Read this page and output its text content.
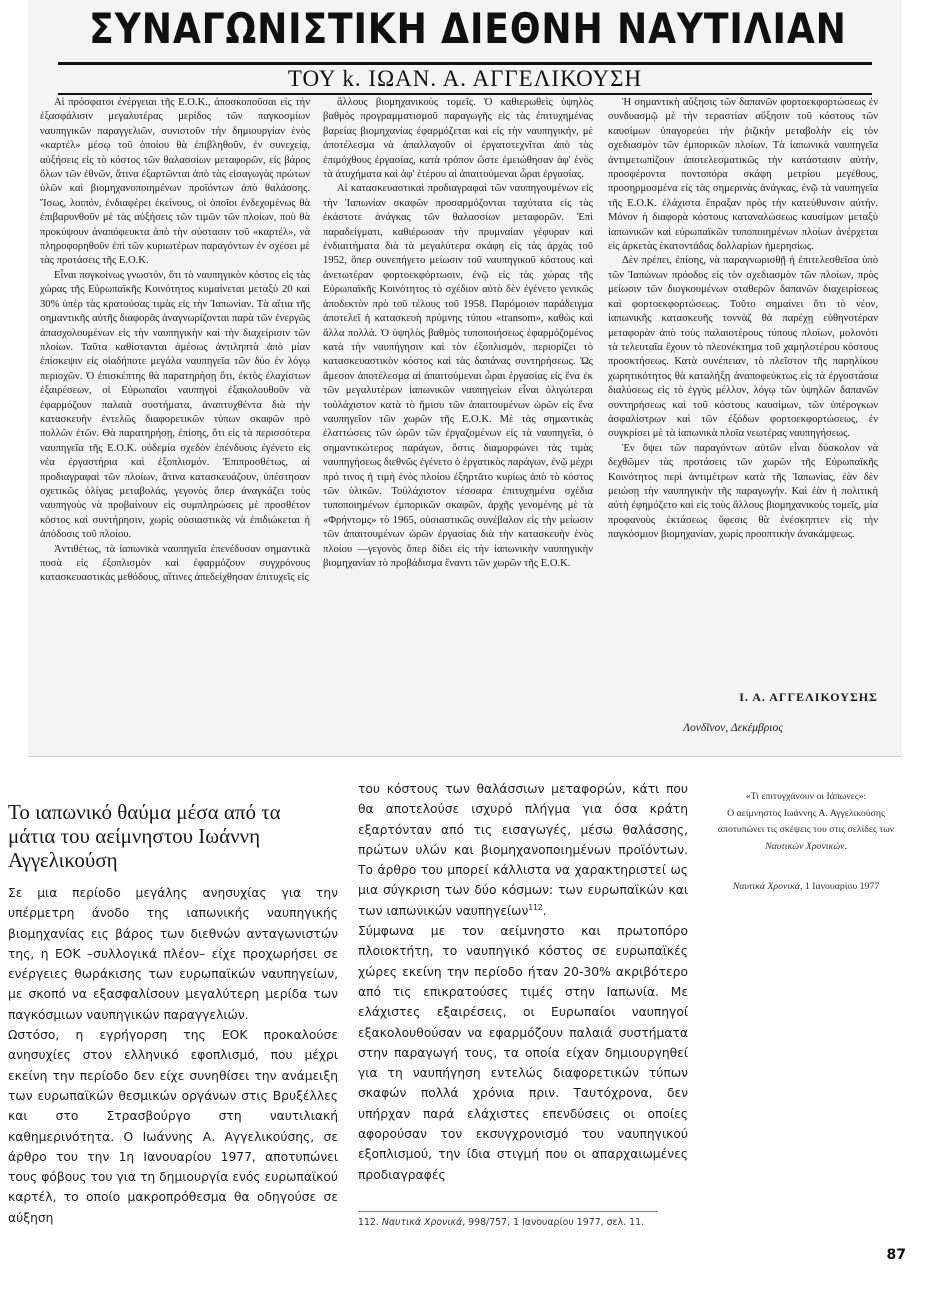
ΣΥΝΑΓΩΝΙΣΤΙΚΗ ΔΙΕΘΝΗ ΝΑΥΤΙΛΙΑΝ
ΤΟΥ k. ΙΩΑΝ. Α. ΑΓΓΕΛΙΚΟΥΣΗ

Αἱ πρόσφατοι ἐνέργειαι τῆς Ε.Ο.Κ., ἀποσκοποῦσαι εἰς τὴν ἐξασφάλισιν μεγαλυτέρας μερίδος τῶν παγκοσμίων ναυπηγικῶν παραγγελιῶν, συνιστοῦν τὴν δημιουργίαν ἑνὸς «καρτέλ» μέσῳ τοῦ ὁποίου θὰ ἐπιβληθοῦν, ἐν συνεχείᾳ, αὐξήσεις εἰς τὸ κόστος τῶν θαλασσίων μεταφορῶν, εἰς βάρος ὅλων τῶν ἐθνῶν, ἅτινα ἐξαρτῶνται ἀπὸ τὰς εἰσαγωγὰς πρώτων ὑλῶν καὶ βιομηχανοποιημένων προϊόντων ἀπὸ θαλάσσης. Ἴσως, λοιπόν, ἐνδιαφέρει ἐκείνους, οἱ ὁποῖοι ἐνδεχομένως θὰ ἐπιβαρυνθοῦν μὲ τὰς αὐξήσεις τῶν τιμῶν τῶν πλοίων, ποὺ θὰ προκύψουν ἀναπόφευκτα ἀπὸ τὴν σύστασιν τοῦ «καρτέλ», νὰ πληροφορηθοῦν ἐπὶ τῶν κυριωτέρων παραγόντων ἐν σχέσει μὲ τὰς προτάσεις τῆς Ε.Ο.Κ.

Εἶναι πογκοίνως γνωστόν, ὅτι τὸ ναυπηγικὸν κόστος εἰς τὰς χώρας τῆς Εὐρωπαϊκῆς Κοινότητος κυμαίνεται μεταξὺ 20 καὶ 30% ὑπὲρ τὰς κρατούσας τιμὰς εἰς τὴν Ἰαπωνίαν. Τὰ αἴτια τῆς σημαντικῆς αὐτῆς διαφορᾶς ἀναγνωρίζονται παρὰ τῶν ἐνεργῶς ἀπασχολουμένων εἰς τὴν ναυπηγικὴν καὶ τὴν διαχείρισιν τῶν πλοίων. Ταῦτα καθίστανται ἀμέσως ἀντιληπτὰ ἀπὸ μίαν ἐπίσκεψιν εἰς οἱαδήποτε μεγάλα ναυπηγεῖα τῶν δύο ἐν λόγῳ περιοχῶν. Ὁ ἐπισκέπτης θὰ παρατηρήσῃ ὅτι, ἐκτὸς ἐλαχίστων ἐξαιρέσεων, οἱ Εὐρωπαῖοι ναυπηγοὶ ἐξακολουθοῦν νὰ ἐφαρμόζουν παλαιὰ συστήματα, ἀναπτυχθέντα διὰ τὴν κατασκευὴν ἐντελῶς διαφορετικῶν τύπων σκαφῶν πρὸ πολλῶν ἐτῶν. Θὰ παρατηρήσῃ, ἐπίσης, ὅτι εἰς τὰ περισσότερα ναυπηγεῖα τῆς Ε.Ο.Κ. οὐδεμία σχεδὸν ἐπένδυσις ἐγένετο εἰς νέα ἐργαστήρια καὶ ἐξοπλισμόν. Ἐπιπροσθέτως, αἱ προδιαγραφαὶ τῶν πλοίων, ἅτινα κατασκευάζουν, ὑπέστησαν σχετικῶς ὀλίγας μεταβολάς, γεγονὸς ὅπερ ἀναγκάζει τοὺς ναυπηγοὺς νὰ προβαίνουν εἰς συμπληρώσεις μὲ προσθέτον κόστος καὶ συντήρησιν, χωρὶς οὐσιαστικὰς νὰ ἐπιδιώκεται ἡ ἀπόδοσις τοῦ πλοίου.

Ἀντιθέτως, τὰ ἰαπωνικὰ ναυπηγεῖα ἐπενέδυσαν σημαντικὰ ποσὰ εἰς ἐξοπλισμὸν καὶ ἐφαρμόζουν συγχρόνους κατασκευαστικὰς μεθόδους, αἵτινες ἀπεδείχθησαν ἐπιτυχεῖς εἰς

ἄλλους βιομηχανικοὺς τομεῖς. Ὁ καθιερωθεὶς ὑψηλὸς βαθμὸς προγραμματισμοῦ παραγωγῆς εἰς τὰς ἐπιτυχημένας βαρείας βιομηχανίας ἐφαρμόζεται καὶ εἰς τὴν ναυπηγικήν, μὲ ἀποτέλεσμα νὰ ἀπαλλαγοῦν οἱ ἐργατοτεχνῖται ἀπὸ τὰς ἐπιμόχθους ἐργασίας, κατὰ τρόπον ὥστε ἐμειώθησαν ἀφ' ἑνὸς τὰ ἀτυχήματα καὶ ἀφ' ἑτέρου αἱ ἀπαιτούμεναι ὧραι ἐργασίας.

Αἱ κατασκευαστικαὶ προδιαγραφαὶ τῶν ναυπηγουμένων εἰς τὴν Ἰαπωνίαν σκαφῶν προσαρμόζονται ταχύτατα εἰς τὰς ἑκάστοτε ἀνάγκας τῶν θαλασσίων μεταφορῶν. Ἐπὶ παραδείγματι, καθιέρωσαν τὴν πρυμναίαν γέφυραν καὶ ἐνδιαιτήματα διὰ τὰ μεγαλύτερα σκάφη εἰς τὰς ἀρχὰς τοῦ 1952, ὅπερ συνεπήγετο μείωσιν τοῦ ναυπηγικοῦ κόστους καὶ ἀνετωτέραν φορτοεκφόρτωσιν, ἐνῷ εἰς τὰς χώρας τῆς Εὐρωπαϊκῆς Κοινότητος τὸ σχέδιον αὐτὸ δὲν ἐγένετο γενικῶς ἀποδεκτὸν πρὸ τοῦ τέλους τοῦ 1958. Παρόμοιον παράδειγμα ἀποτελεῖ ἡ κατασκευὴ πρύμνης τύπου «transom», καθὼς καὶ ἄλλα πολλά. Ὁ ὑψηλὸς βαθμὸς τυποποιήσεως ἐφαρμόζομένος κατὰ τὴν ναυπήγησιν καὶ τὸν ἐξοπλισμόν, περιορίζει τὸ κατασκευαστικὸν κόστος καὶ τὰς δαπάνας συντηρήσεως. Ὡς ἄμεσον ἀποτέλεσμα αἱ ἀπαιτούμεναι ὧραι ἐργασίας εἰς ἕνα ἐκ τῶν μεγαλυτέρων ἰαπωνικῶν ναυπηγείων εἶναι ὀλιγώτεραι τοὐλάχιστον κατὰ τὸ ἥμισυ τῶν ἀπαιτουμένων ὡρῶν εἰς ἕνα ναυπηγεῖον τῶν χωρῶν τῆς Ε.Ο.Κ. Μὲ τὰς σημαντικὰς ἐλαττώσεις τῶν ὡρῶν τῶν ἐργαζομένων εἰς τὰ ναυπηγεῖα, ὁ σημαντικώτερος παράγων, ὅστις διαμορφώνει τὰς τιμὰς ναυπηγήσεως διεθνῶς ἐγένετο ὁ ἐργατικὸς παράγων, ἐνῷ μέχρι πρό τινος ἡ τιμὴ ἑνὸς πλοίου ἐξηρτᾶτο κυρίως ἀπὸ τὸ κόστος τῶν ὑλικῶν. Τοὐλάχιστον τέσσαρα ἐπιτυχημένα σχέδια τυποποιημένων ἐμπορικῶν σκαφῶν, ἀρχῆς γενομένης μὲ τὰ «Φρήντομς» τὸ 1965, οὐσιαστικῶς συνέβαλον εἰς τὴν μείωσιν τῶν ἀπαιτουμένων ὡρῶν ἐργασίας διὰ τὴν κατασκευὴν ἑνὸς πλοίου —γεγονὸς ὅπερ δίδει εἰς τὴν ἰαπωνικὴν ναυπηγικὴν βιομηχανίαν τὸ προβάδισμα ἔναντι τῶν χωρῶν τῆς Ε.Ο.Κ.

Ἡ σημαντικὴ αὔξησις τῶν δαπανῶν φορτοεκφορτώσεως ἐν συνδυασμῷ μὲ τὴν τεραστίαν αὔξησιν τοῦ κόστους τῶν καυσίμων ὑπαγορεύει τὴν ῥιζικὴν μεταβολὴν εἰς τὸν σχεδιασμὸν τῶν ἐμπορικῶν πλοίων. Τὰ ἰαπωνικὰ ναυπηγεῖα ἀντιμετωπίζουν ἀποτελεσματικῶς τὴν κατάστασιν αὐτήν, προσφέροντα ποντοπόρα σκάφη μετρίου μεγέθους, προσηρμοσμένα εἰς τὰς σημερινὰς ἀνάγκας, ἐνῷ τὰ ναυπηγεῖα τῆς Ε.Ο.Κ. ἐλάχιστα ἔπραξαν πρὸς τὴν κατεύθυνσιν αὐτήν. Μόνον ἡ διαφορὰ κόστους καταναλώσεως καυσίμων μεταξὺ ἰαπωνικῶν καὶ εὐρωπαϊκῶν τυποποιημένων πλοίων ἀνέρχεται εἰς ἀρκετὰς ἑκατοντάδας δολλαρίων ἡμερησίως.

Δὲν πρέπει, ἐπίσης, νὰ παραγνωρισθῇ ἡ ἐπιτελεσθεῖσα ὑπὸ τῶν Ἰαπώνων πρόοδος εἰς τὸν σχεδιασμὸν τῶν πλοίων, πρὸς μείωσιν τῶν διογκουμένων σταθερῶν δαπανῶν διαχειρίσεως καὶ φορτοεκφορτώσεως. Τοῦτο σημαίνει ὅτι τὸ νέον, ἰαπωνικῆς κατασκευῆς τοννὰζ θὰ παρέχῃ εὐθηνοτέραν μεταφορὰν ἀπὸ τοὺς παλαιοτέρους τύπους πλοίων, μολονότι τὰ τελευταῖα ἔχουν τὸ πλεονέκτημα τοῦ χαμηλοτέρου κόστους προσκτήσεως. Κατὰ συνέπειαν, τὸ πλεῖστον τῆς παρηλίκου χωρητικότητος θὰ καταλήξῃ ἀναποφεύκτως εἰς τὰ ἐργοστάσια διαλύσεως εἰς τὸ ἐγγὺς μέλλον, λόγῳ τῶν ὑψηλῶν δαπανῶν συντηρήσεως καὶ τοῦ κόστους καυσίμων, τῶν ὑπέρογκων ἀσφαλίστρων καὶ τῶν ἐξόδων φορτοεκφορτώσεως, ἐν συγκρίσει μὲ τὰ ἰαπωνικὰ πλοῖα νεωτέρας ναυπηγήσεως.

Ἐν ὄψει τῶν παραγόντων αὐτῶν εἶναι δύσκολον νὰ δεχθῶμεν τὰς προτάσεις τῶν χωρῶν τῆς Εὐρωπαϊκῆς Κοινότητος περὶ ἀντιμέτρων κατὰ τῆς Ἰαπωνίας, ἐὰν δὲν μειώσῃ τὴν ναυπηγικὴν τῆς παραγωγήν. Καὶ ἐὰν ἡ πολιτικὴ αὐτὴ ἐφημόζετο καὶ εἰς τοὺς ἄλλους βιομηχανικοὺς τομεῖς, μία προφανοὺς ἐκτάσεως ὕφεσις θὰ ἐνέσκηπτεν εἰς τὴν παγκόσμιον βιομηχανίαν, χωρὶς προοπτικὴν ἀνακάμψεως.

Ι. Α. ΑΓΓΕΛΙΚΟΥΣΗΣ
Λονδῖνον, Δεκέμβριος
Το ιαπωνικό θαύμα μέσα από τα μάτια του αείμνηστου Ιωάννη Αγγελικούση

Σε μια περίοδο μεγάλης ανησυχίας για την υπέρμετρη άνοδο της ιαπωνικής ναυπηγικής βιομηχανίας εις βάρος των διεθνών ανταγωνιστών της, η ΕΟΚ –συλλογικά πλέον– είχε προχωρήσει σε ενέργειες θωράκισης των ευρωπαϊκών ναυπηγείων, με σκοπό να εξασφαλίσουν μεγαλύτερη μερίδα των παγκόσμιων ναυπηγικών παραγγελιών.

Ωστόσο, η εγρήγορση της ΕΟΚ προκαλούσε ανησυχίες στον ελληνικό εφοπλισμό, που μέχρι εκείνη την περίοδο δεν είχε συνηθίσει την ανάμειξη των ευρωπαϊκών θεσμικών οργάνων στις Βρυξέλλες και στο Στρασβούργο στη ναυτιλιακή καθημερινότητα. Ο Ιωάννης Α. Αγγελικούσης, σε άρθρο του την 1η Ιανουαρίου 1977, αποτυπώνει τους φόβους του για τη δημιουργία ενός ευρωπαϊκού καρτέλ, το οποίο μακροπρόθεσμα θα οδηγούσε σε αύξηση

του κόστους των θαλάσσιων μεταφορών, κάτι που θα αποτελούσε ισχυρό πλήγμα για όσα κράτη εξαρτόνταν από τις εισαγωγές, μέσω θαλάσσης, πρώτων υλών και βιομηχανοποιημένων προϊόντων. Το άρθρο του μπορεί κάλλιστα να χαρακτηριστεί ως μια σύγκριση των δύο κόσμων: των ευρωπαϊκών και των ιαπωνικών ναυπηγείων$^{112}$.

Σύμφωνα με τον αείμνηστο και πρωτοπόρο πλοιοκτήτη, το ναυπηγικό κόστος σε ευρωπαϊκές χώρες εκείνη την περίοδο ήταν 20-30% ακριβότερο από τις επικρατούσες τιμές στην Ιαπωνία. Με ελάχιστες εξαιρέσεις, οι Ευρωπαίοι ναυπηγοί εξακολουθούσαν να εφαρμόζουν παλαιά συστήματα στην παραγωγή τους, τα οποία είχαν δημιουργηθεί για τη ναυπήγηση εντελώς διαφορετικών τύπων σκαφών πολλά χρόνια πριν. Ταυτόχρονα, δεν υπήρχαν παρά ελάχιστες επενδύσεις οι οποίες αφορούσαν τον εκσυγχρονισμό του ναυπηγικού εξοπλισμού, την ίδια στιγμή που οι απαρχαιωμένες προδιαγραφές

«Τι επιτυγχάνουν οι Ιάπωνες»:
Ο αείμνηστος Ιωάννης Α. Αγγελικούσης αποτυπώνει τις σκέψεις του στις σελίδες των Ναυτικών Χρονικών.

Ναυτικά Χρονικά, 1 Ιανουαρίου 1977

112. Ναυτικά Χρονικά, 998/757, 1 Ιανουαρίου 1977, σελ. 11.
87
